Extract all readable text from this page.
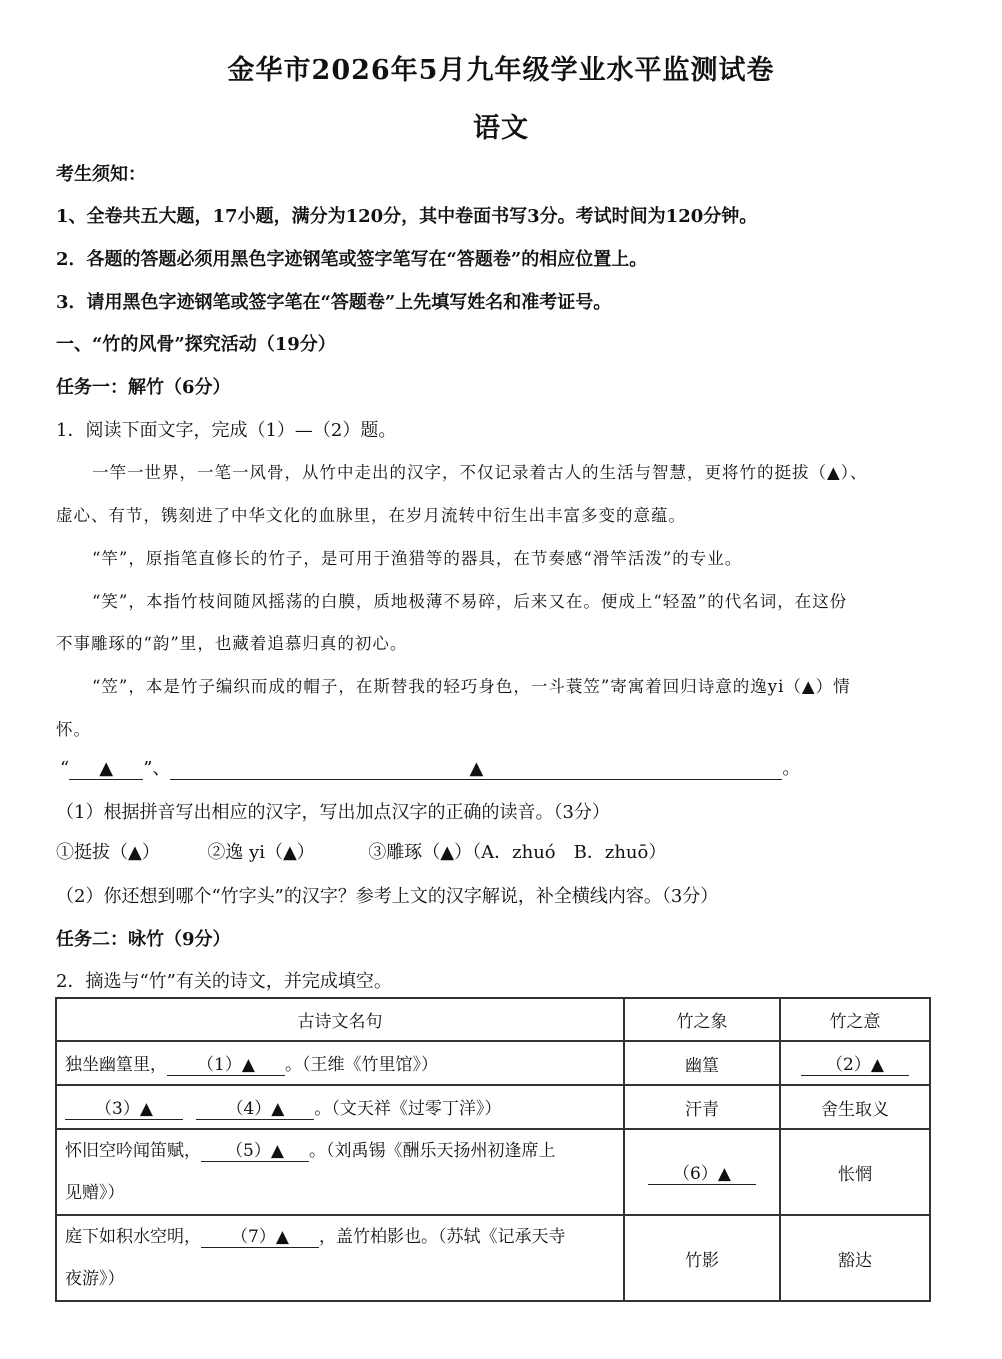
金华市2026年5月九年级学业水平监测试卷
语文
考生须知：
1、全卷共五大题，17小题，满分为120分，其中卷面书写3分。考试时间为120分钟。
2．各题的答题必须用黑色字迹钢笔或签字笔写在“答题卷”的相应位置上。
3．请用黑色字迹钢笔或签字笔在“答题卷”上先填写姓名和准考证号。
一、“竹的风骨”探究活动（19分）
任务一：解竹（6分）
1．阅读下面文字，完成（1）—（2）题。
一竿一世界，一笔一风骨，从竹中走出的汉字，不仅记录着古人的生活与智慧，更将竹的挺拔（▲）、
虚心、有节，镌刻进了中华文化的血脉里，在岁月流转中衍生出丰富多变的意蕴。
“竿”，原指笔直修长的竹子，是可用于渔猎等的器具，在节奏感“滑竿活泼”的专业。
“笑”，本指竹枝间随风摇荡的白膜，质地极薄不易碎，后来又在。便成上“轻盈”的代名词，在这份
不事雕琢的“韵”里，也藏着追慕归真的初心。
“笠”，本是竹子编织而成的帽子，在斯替我的轻巧身色，一斗蓑笠”寄寓着回归诗意的逸yi（▲）情
怀。
“ ▲ ”、	▲	。
（1）根据拼音写出相应的汉字，写出加点汉字的正确的读音。（3分）
①挺拔（▲）	②逸 yi（▲）	③雕琢（▲）（A．zhuó　B．zhuō）
（2）你还想到哪个“竹字头”的汉字？参考上文的汉字解说，补全横线内容。（3分）
任务二：咏竹（9分）
2．摘选与“竹”有关的诗文，并完成填空。
古诗文名句	竹之象	竹之意
独坐幽篁里， （1）▲ 。（王维《竹里馆》）	幽篁	（2）▲
（3）▲ （4）▲ 。（文天祥《过零丁洋》）	汗青	舍生取义
怀旧空吟闻笛赋， （5）▲ 。（刘禹锡《酬乐天扬州初逢席上
见赠》）	（6）▲	怅惘
庭下如积水空明， （7）▲ ，盖竹柏影也。（苏轼《记承天寺
夜游》）	竹影	豁达
